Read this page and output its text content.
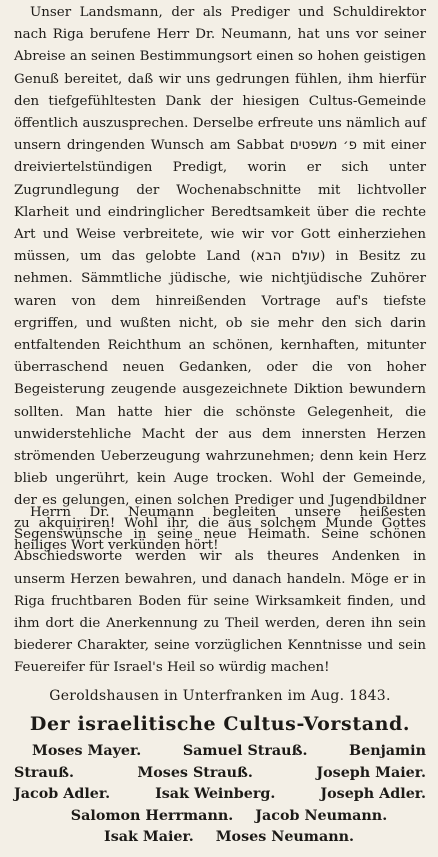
Unser Landsmann, der als Prediger und Schuldirektor nach Riga berufene Herr Dr. Neumann, hat uns vor seiner Abreise an seinen Bestimmungsort einen so hohen geistigen Genuß bereitet, daß wir uns gedrungen fühlen, ihm hierfür den tiefgefühltesten Dank der hiesigen Cultus-Gemeinde öffentlich auszusprechen. Derselbe erfreute uns nämlich auf unsern dringenden Wunsch am Sabbat פ׳ משפטים mit einer dreiviertelstündigen Predigt, worin er sich unter Zugrundlegung der Wochenabschnitte mit lichtvoller Klarheit und eindringlicher Beredtsamkeit über die rechte Art und Weise verbreitete, wie wir vor Gott einherziehen müssen, um das gelobte Land (עולם הבא) in Besitz zu nehmen. Sämmtliche jüdische, wie nichtjüdische Zuhörer waren von dem hinreißenden Vortrage auf's tiefste ergriffen, und wußten nicht, ob sie mehr den sich darin entfaltenden Reichthum an schönen, kernhaften, mitunter überraschend neuen Gedanken, oder die von hoher Begeisterung zeugende ausgezeichnete Diktion bewundern sollten. Man hatte hier die schönste Gelegenheit, die unwiderstehliche Macht der aus dem innersten Herzen strömenden Ueberzeugung wahrzunehmen; denn kein Herz blieb ungerührt, kein Auge trocken. Wohl der Gemeinde, der es gelungen, einen solchen Prediger und Jugendbildner zu akquiriren! Wohl ihr, die aus solchem Munde Gottes heiliges Wort verkünden hört!

Herrn Dr. Neumann begleiten unsere heißesten Segenswünsche in seine neue Heimath. Seine schönen Abschiedsworte werden wir als theures Andenken in unserm Herzen bewahren, und danach handeln. Möge er in Riga fruchtbaren Boden für seine Wirksamkeit finden, und ihm dort die Anerkennung zu Theil werden, deren ihn sein biederer Charakter, seine vorzüglichen Kenntnisse und sein Feuereifer für Israel's Heil so würdig machen!

Geroldshausen in Unterfranken im Aug. 1843.
Der israelitische Cultus-Vorstand.
Moses Mayer.	Samuel Strauß.	Benjamin
Strauß.	Moses Strauß.	Joseph Maier.
Jacob Adler.	Isak Weinberg.	Joseph Adler.
Salomon Herrmann. Jacob Neumann.
Isak Maier. Moses Neumann.
